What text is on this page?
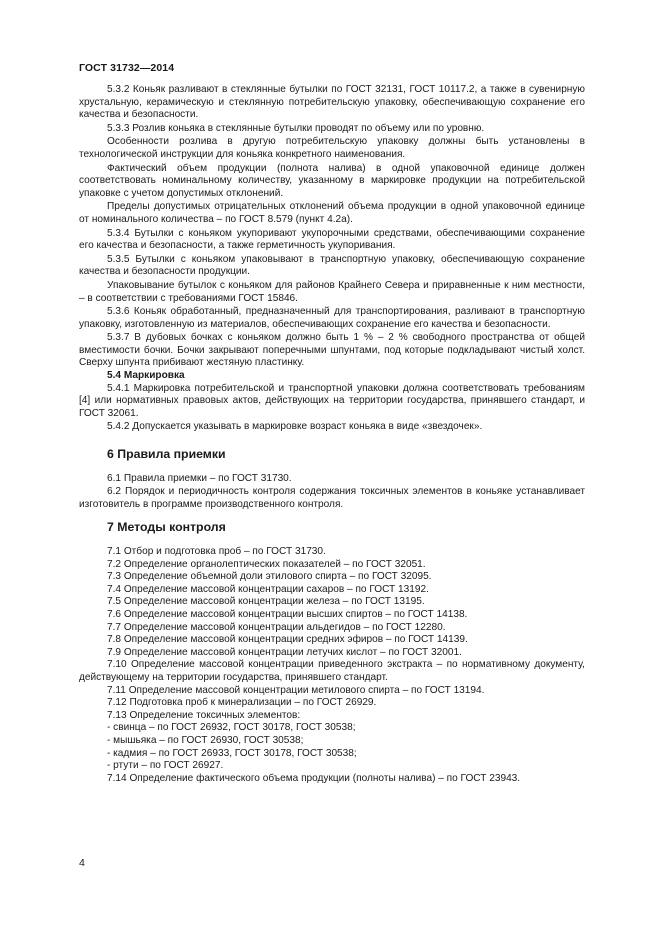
ГОСТ 31732—2014

5.3.2 Коньяк разливают в стеклянные бутылки по ГОСТ 32131, ГОСТ 10117.2, а также в сувенирную хрустальную, керамическую и стеклянную потребительскую упаковку, обеспечивающую сохранение его качества и безопасности.

5.3.3 Розлив коньяка в стеклянные бутылки проводят по объему или по уровню.

Особенности розлива в другую потребительскую упаковку должны быть установлены в технологической инструкции для коньяка конкретного наименования.

Фактический объем продукции (полнота налива) в одной упаковочной единице должен соответствовать номинальному количеству, указанному в маркировке продукции на потребительской упаковке с учетом допустимых отклонений.

Пределы допустимых отрицательных отклонений объема продукции в одной упаковочной единице от номинального количества – по ГОСТ 8.579 (пункт 4.2а).

5.3.4 Бутылки с коньяком укупоривают укупорочными средствами, обеспечивающими сохранение его качества и безопасности, а также герметичность укупоривания.

5.3.5 Бутылки с коньяком упаковывают в транспортную упаковку, обеспечивающую сохранение качества и безопасности продукции.

Упаковывание бутылок с коньяком для районов Крайнего Севера и приравненные к ним местности, – в соответствии с требованиями ГОСТ 15846.

5.3.6 Коньяк обработанный, предназначенный для транспортирования, разливают в транспортную упаковку, изготовленную из материалов, обеспечивающих сохранение его качества и безопасности.

5.3.7 В дубовых бочках с коньяком должно быть 1 % – 2 % свободного пространства от общей вместимости бочки. Бочки закрывают поперечными шпунтами, под которые подкладывают чистый холст. Сверху шпунта прибивают жестяную пластинку.

5.4 Маркировка

5.4.1 Маркировка потребительской и транспортной упаковки должна соответствовать требованиям [4] или нормативных правовых актов, действующих на территории государства, принявшего стандарт, и ГОСТ 32061.

5.4.2 Допускается указывать в маркировке возраст коньяка в виде «звездочек».

6 Правила приемки

6.1 Правила приемки – по ГОСТ 31730.

6.2 Порядок и периодичность контроля содержания токсичных элементов в коньяке устанавливает изготовитель в программе производственного контроля.

7 Методы контроля

7.1 Отбор и подготовка проб – по ГОСТ 31730.

7.2 Определение органолептических показателей – по ГОСТ 32051.

7.3 Определение объемной доли этилового спирта – по ГОСТ 32095.

7.4 Определение массовой концентрации сахаров – по ГОСТ 13192.

7.5 Определение массовой концентрации железа – по ГОСТ 13195.

7.6 Определение массовой концентрации высших спиртов – по ГОСТ 14138.

7.7 Определение массовой концентрации альдегидов – по ГОСТ 12280.

7.8 Определение массовой концентрации средних эфиров – по ГОСТ 14139.

7.9 Определение массовой концентрации летучих кислот – по ГОСТ 32001.

7.10 Определение массовой концентрации приведенного экстракта – по нормативному документу, действующему на территории государства, принявшего стандарт.

7.11 Определение массовой концентрации метилового спирта – по ГОСТ 13194.

7.12 Подготовка проб к минерализации – по ГОСТ 26929.

7.13 Определение токсичных элементов:

- свинца – по ГОСТ 26932, ГОСТ 30178, ГОСТ 30538;

- мышьяка – по ГОСТ 26930, ГОСТ 30538;

- кадмия – по ГОСТ 26933, ГОСТ 30178, ГОСТ 30538;

- ртути – по ГОСТ 26927.

7.14 Определение фактического объема продукции (полноты налива) – по ГОСТ 23943.

4
